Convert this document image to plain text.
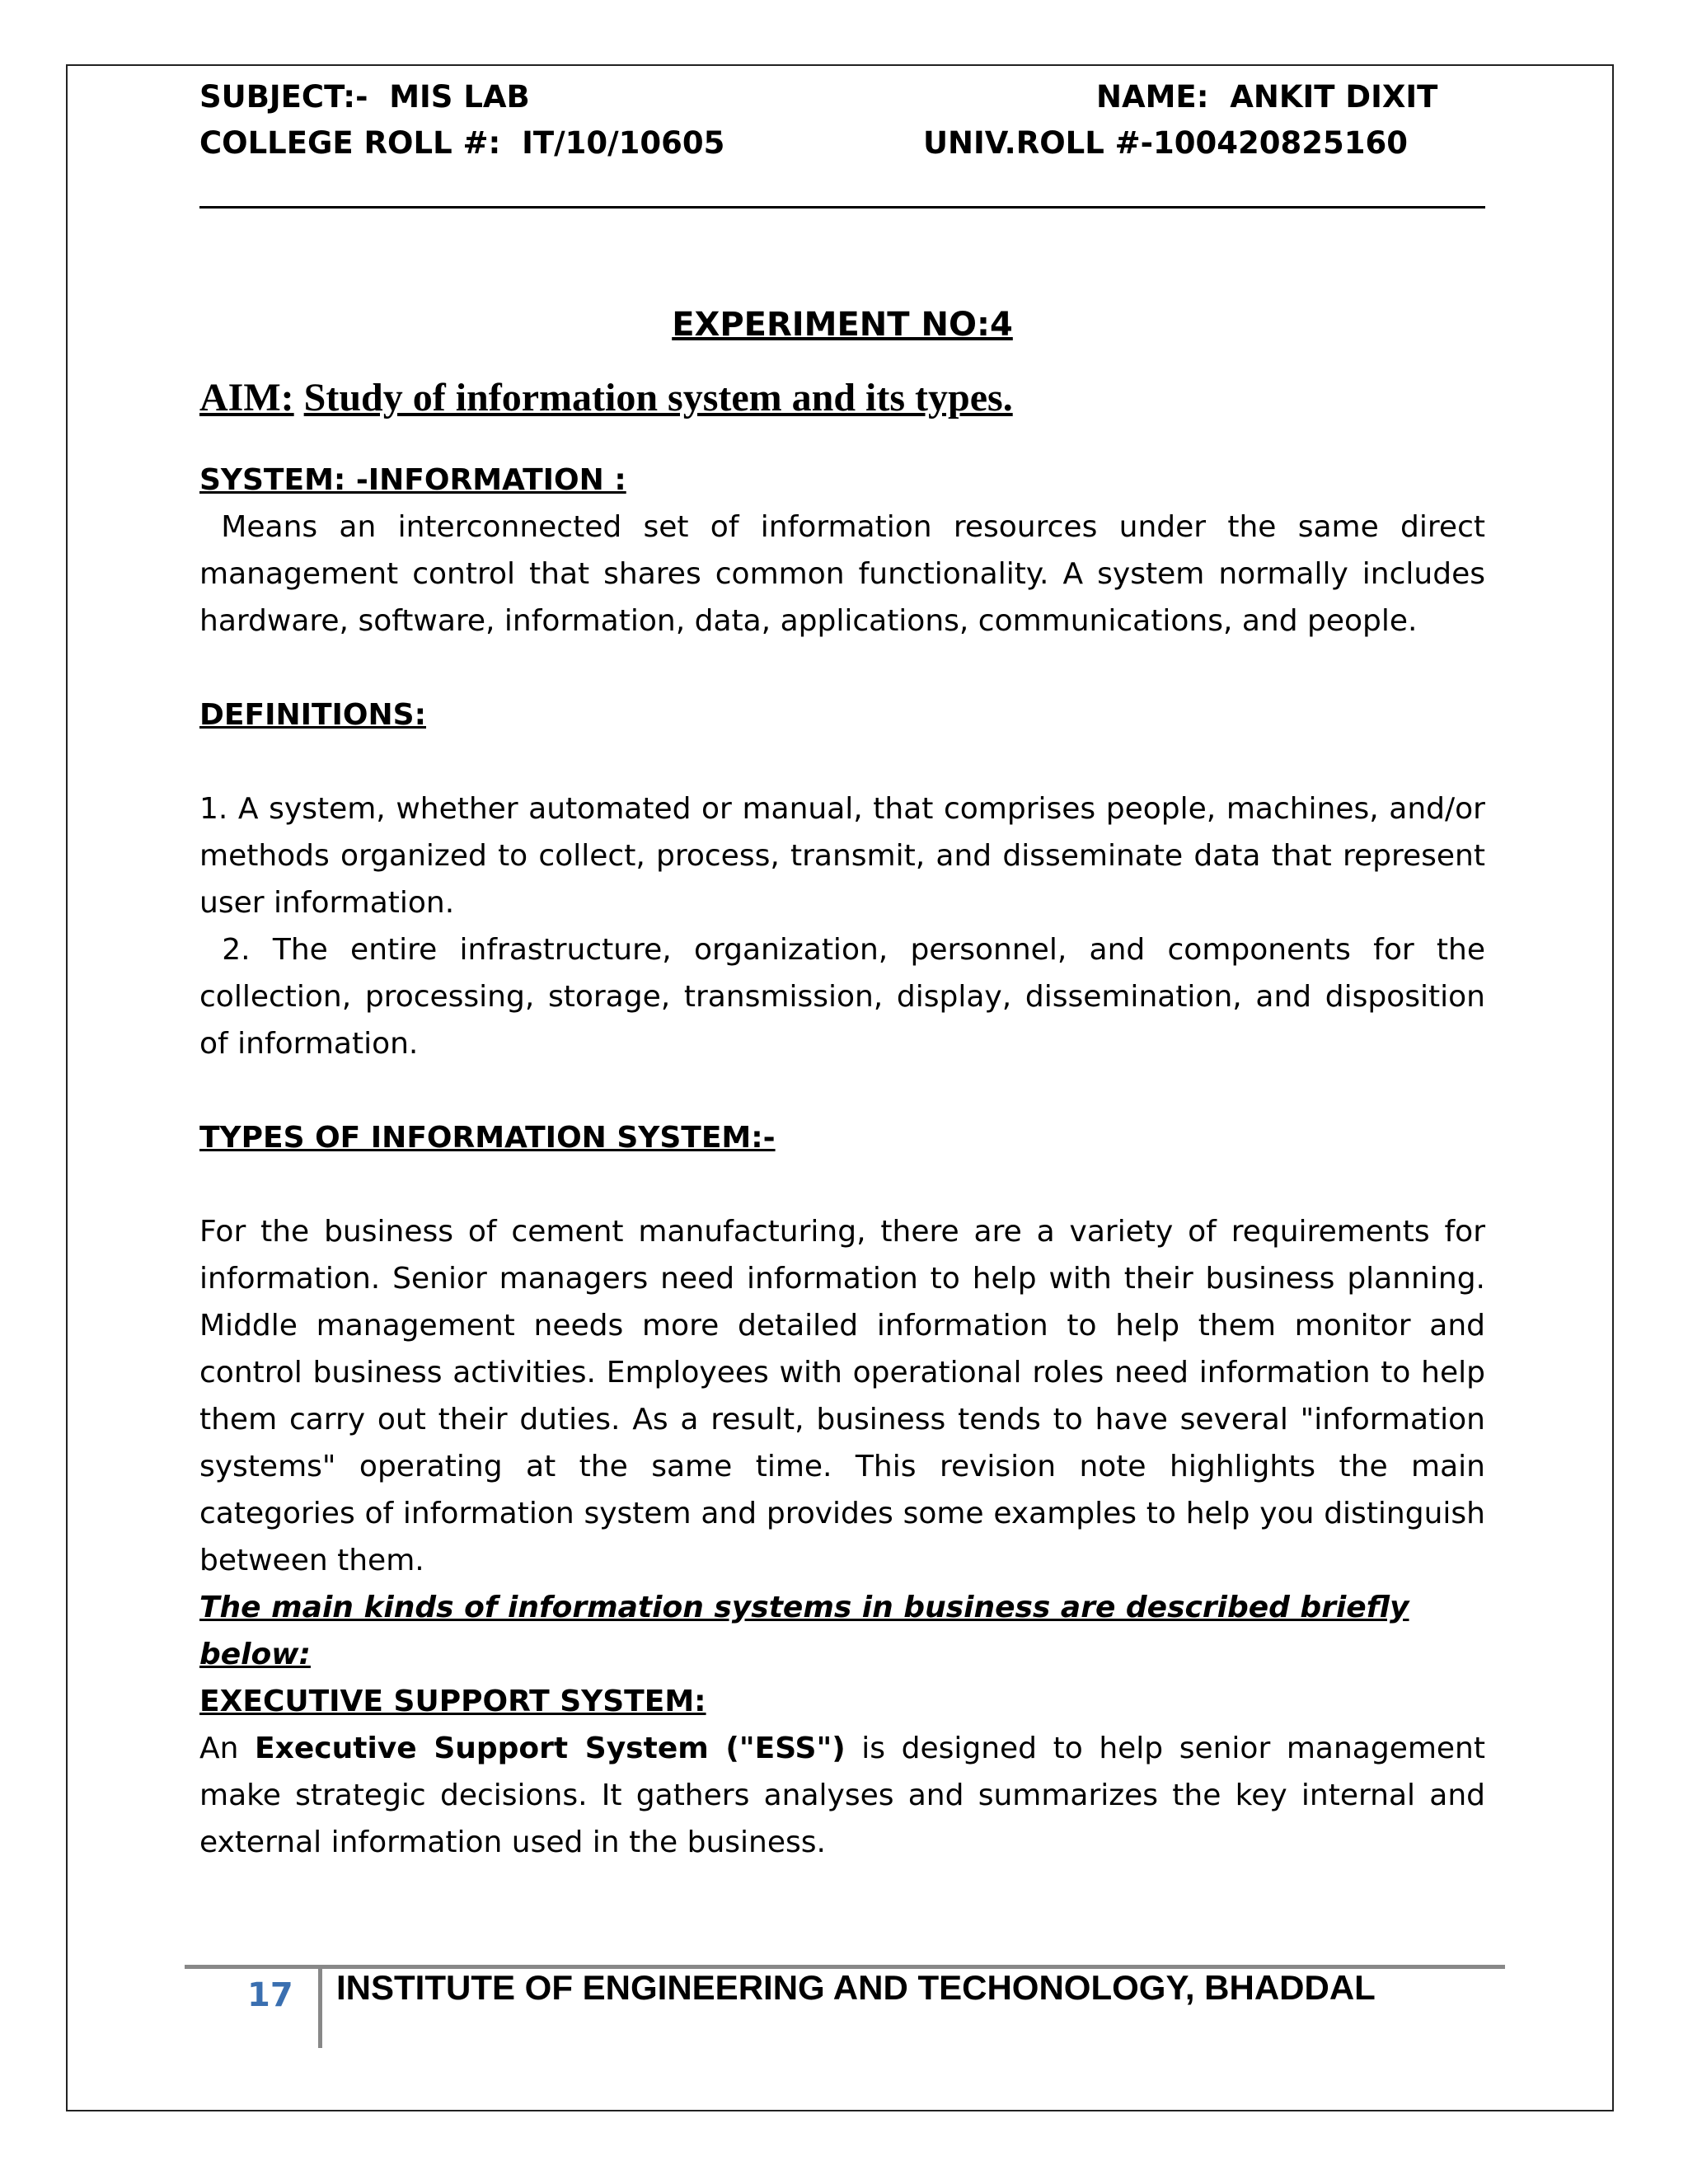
SUBJECT:-  MIS LAB	NAME:  ANKIT DIXIT
COLLEGE ROLL #:  IT/10/10605	UNIV.ROLL #-100420825160

EXPERIMENT NO:4

AIM: Study of information system and its types.

SYSTEM: -INFORMATION :

Means an interconnected set of information resources under the same direct management control that shares common functionality. A system normally includes hardware, software, information, data, applications, communications, and people.

DEFINITIONS:

1. A system, whether automated or manual, that comprises people, machines, and/or methods organized to collect, process, transmit, and disseminate data that represent user information.

2. The entire infrastructure, organization, personnel, and components for the collection, processing, storage, transmission, display, dissemination, and disposition of information.

TYPES OF INFORMATION SYSTEM:-

For the business of cement manufacturing, there are a variety of requirements for information. Senior managers need information to help with their business planning. Middle management needs more detailed information to help them monitor and control business activities. Employees with operational roles need information to help them carry out their duties. As a result, business tends to have several "information systems" operating at the same time. This revision note highlights the main categories of information system and provides some examples to help you distinguish between them.

The main kinds of information systems in business are described briefly below:

EXECUTIVE SUPPORT SYSTEM:

An Executive Support System ("ESS") is designed to help senior management make strategic decisions. It gathers analyses and summarizes the key internal and external information used in the business.

17 INSTITUTE OF ENGINEERING AND TECHONOLOGY, BHADDAL
